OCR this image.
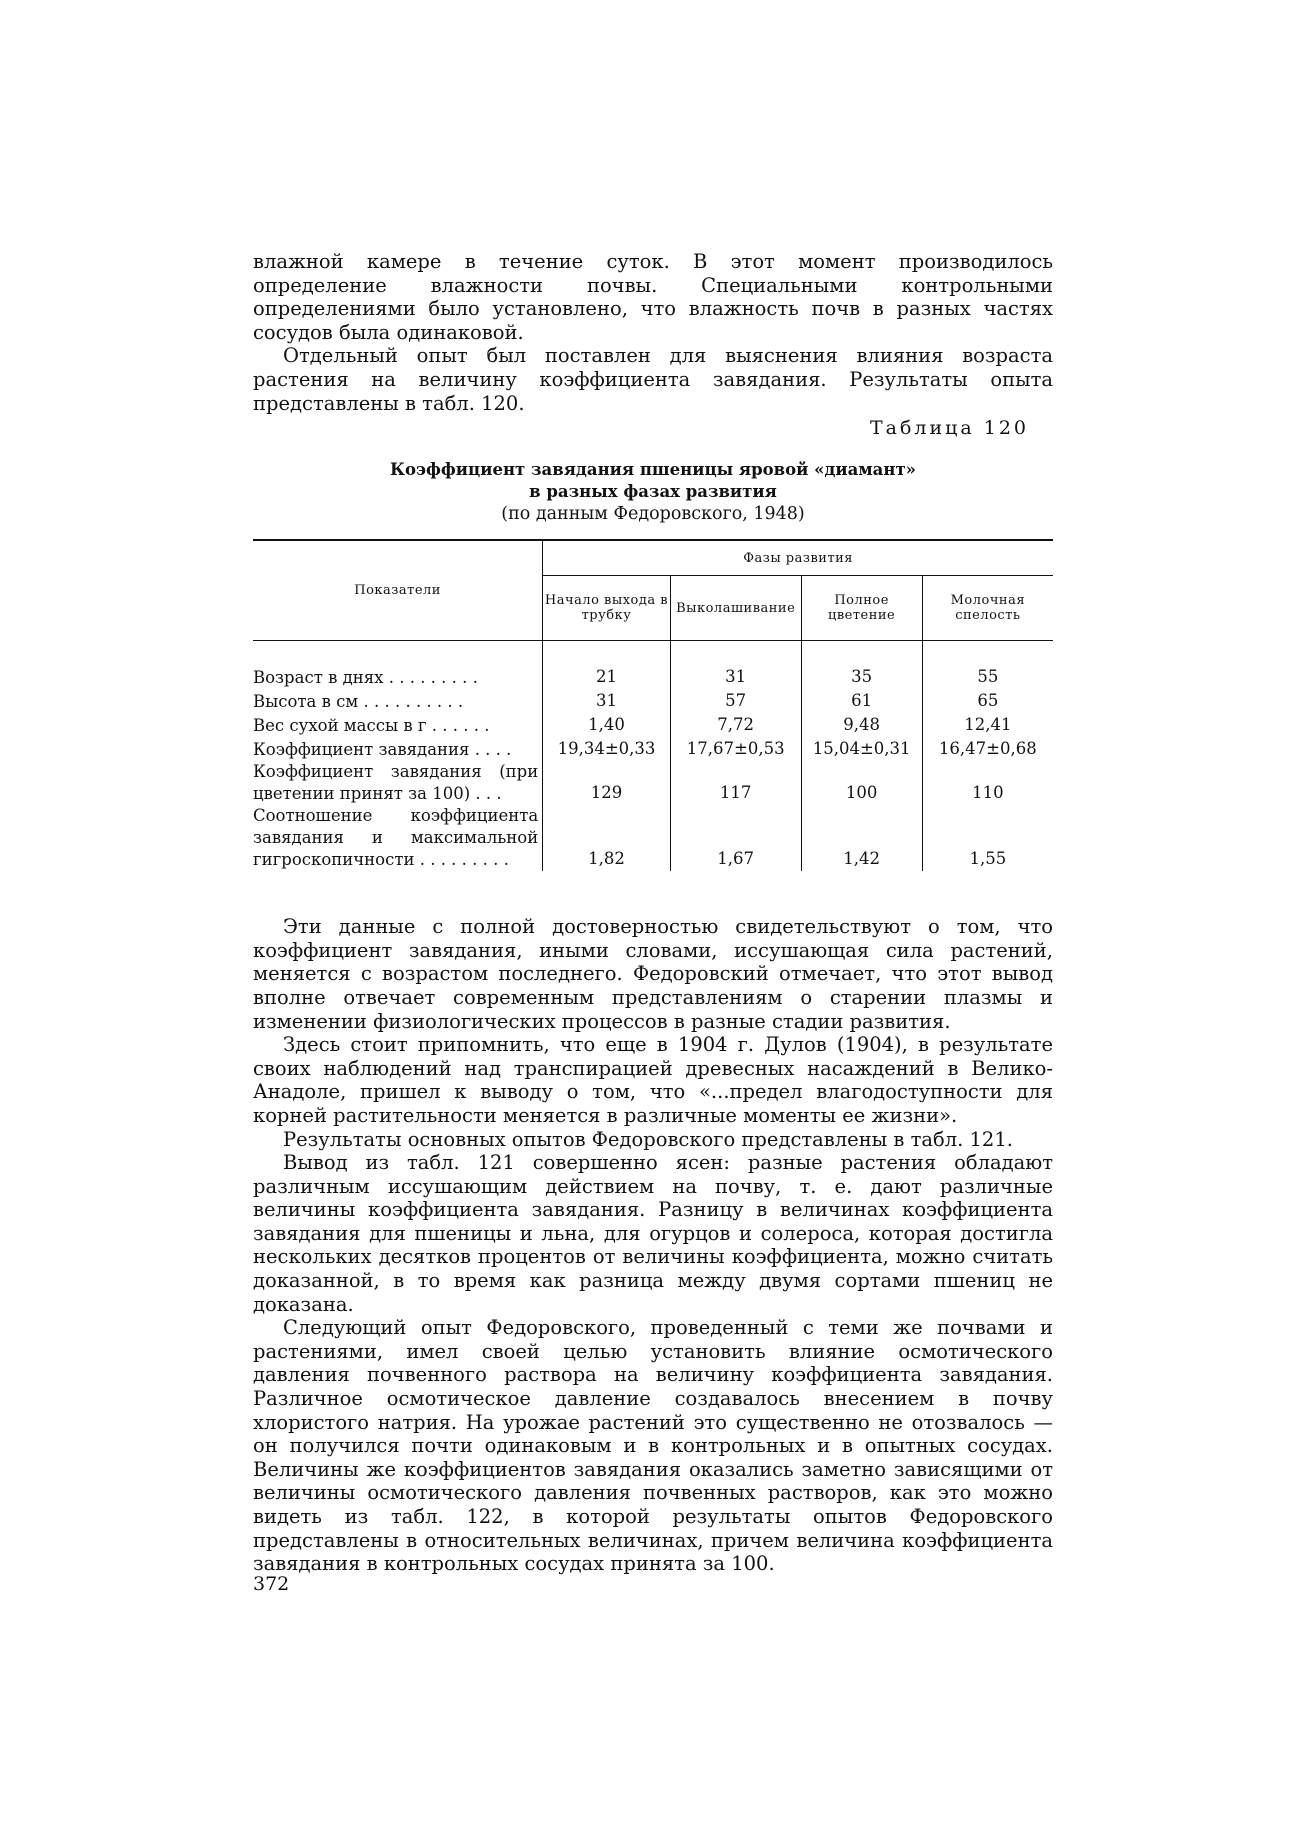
влажной камере в течение суток. В этот момент производилось определение влажности почвы. Специальными контрольными определениями было установлено, что влажность почв в разных частях сосудов была одинаковой.

Отдельный опыт был поставлен для выяснения влияния возраста растения на величину коэффициента завядания. Результаты опыта представлены в табл. 120.

Таблица 120
Коэффициент завядания пшеницы яровой «диамант»
в разных фазах развития
(по данным Федоровского, 1948)
Показатели	Фазы развития			
	Начало выхода в трубку	Выколашивание	Полное цветение	Молочная спелость

Возраст в днях . . . . . . . . .	21	31	35	55
Высота в см . . . . . . . . . .	31	57	61	65
Вес сухой массы в г . . . . . .	1,40	7,72	9,48	12,41
Коэффициент завядания . . . .	19,34±0,33	17,67±0,53	15,04±0,31	16,47±0,68
Коэффициент завядания (при цветении принят за 100) . . .	129	117	100	110
Соотношение коэффициента завядания и максимальной гигроскопичности . . . . . . . . .	1,82	1,67	1,42	1,55

Эти данные с полной достоверностью свидетельствуют о том, что коэффициент завядания, иными словами, иссушающая сила растений, меняется с возрастом последнего. Федоровский отмечает, что этот вывод вполне отвечает современным представлениям о старении плазмы и изменении физиологических процессов в разные стадии развития.

Здесь стоит припомнить, что еще в 1904 г. Дулов (1904), в результате своих наблюдений над транспирацией древесных насаждений в Велико-Анадоле, пришел к выводу о том, что «...предел влагодоступности для корней растительности меняется в различные моменты ее жизни».

Результаты основных опытов Федоровского представлены в табл. 121.

Вывод из табл. 121 совершенно ясен: разные растения обладают различным иссушающим действием на почву, т. е. дают различные величины коэффициента завядания. Разницу в величинах коэффициента завядания для пшеницы и льна, для огурцов и солероса, которая достигла нескольких десятков процентов от величины коэффициента, можно считать доказанной, в то время как разница между двумя сортами пшениц не доказана.

Следующий опыт Федоровского, проведенный с теми же почвами и растениями, имел своей целью установить влияние осмотического давления почвенного раствора на величину коэффициента завядания. Различное осмотическое давление создавалось внесением в почву хлористого натрия. На урожае растений это существенно не отозвалось — он получился почти одинаковым и в контрольных и в опытных сосудах. Величины же коэффициентов завядания оказались заметно зависящими от величины осмотического давления почвенных растворов, как это можно видеть из табл. 122, в которой результаты опытов Федоровского представлены в относительных величинах, причем величина коэффициента завядания в контрольных сосудах принята за 100.

372
